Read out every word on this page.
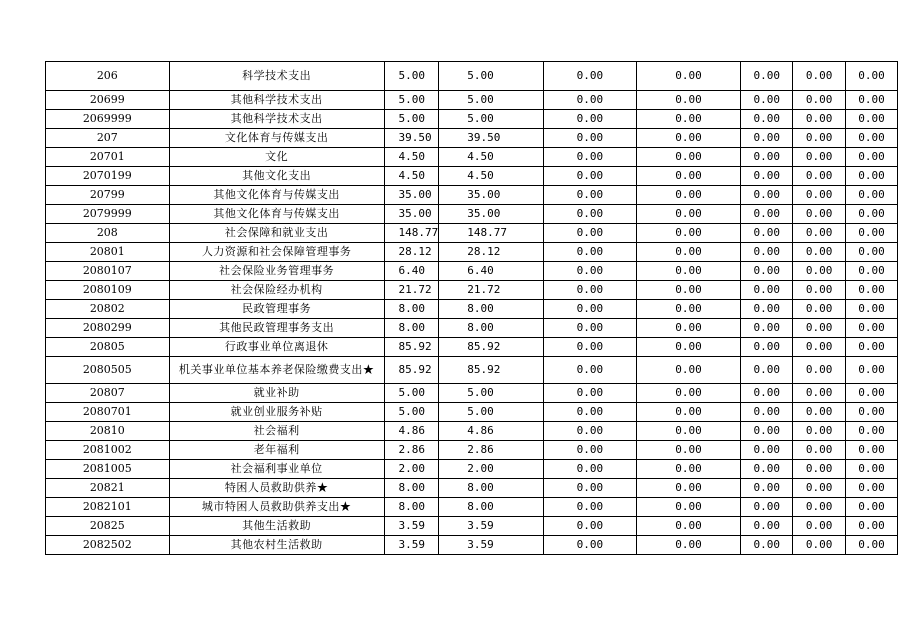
206	科学技术支出	5.00	5.00	0.00	0.00	0.00	0.00	0.00
20699	其他科学技术支出	5.00	5.00	0.00	0.00	0.00	0.00	0.00
2069999	其他科学技术支出	5.00	5.00	0.00	0.00	0.00	0.00	0.00
207	文化体育与传媒支出	39.50	39.50	0.00	0.00	0.00	0.00	0.00
20701	文化	4.50	4.50	0.00	0.00	0.00	0.00	0.00
2070199	其他文化支出	4.50	4.50	0.00	0.00	0.00	0.00	0.00
20799	其他文化体育与传媒支出	35.00	35.00	0.00	0.00	0.00	0.00	0.00
2079999	其他文化体育与传媒支出	35.00	35.00	0.00	0.00	0.00	0.00	0.00
208	社会保障和就业支出	148.77	148.77	0.00	0.00	0.00	0.00	0.00
20801	人力资源和社会保障管理事务	28.12	28.12	0.00	0.00	0.00	0.00	0.00
2080107	社会保险业务管理事务	6.40	6.40	0.00	0.00	0.00	0.00	0.00
2080109	社会保险经办机构	21.72	21.72	0.00	0.00	0.00	0.00	0.00
20802	民政管理事务	8.00	8.00	0.00	0.00	0.00	0.00	0.00
2080299	其他民政管理事务支出	8.00	8.00	0.00	0.00	0.00	0.00	0.00
20805	行政事业单位离退休	85.92	85.92	0.00	0.00	0.00	0.00	0.00
2080505	机关事业单位基本养老保险缴费支出★	85.92	85.92	0.00	0.00	0.00	0.00	0.00
20807	就业补助	5.00	5.00	0.00	0.00	0.00	0.00	0.00
2080701	就业创业服务补贴	5.00	5.00	0.00	0.00	0.00	0.00	0.00
20810	社会福利	4.86	4.86	0.00	0.00	0.00	0.00	0.00
2081002	老年福利	2.86	2.86	0.00	0.00	0.00	0.00	0.00
2081005	社会福利事业单位	2.00	2.00	0.00	0.00	0.00	0.00	0.00
20821	特困人员救助供养★	8.00	8.00	0.00	0.00	0.00	0.00	0.00
2082101	城市特困人员救助供养支出★	8.00	8.00	0.00	0.00	0.00	0.00	0.00
20825	其他生活救助	3.59	3.59	0.00	0.00	0.00	0.00	0.00
2082502	其他农村生活救助	3.59	3.59	0.00	0.00	0.00	0.00	0.00
